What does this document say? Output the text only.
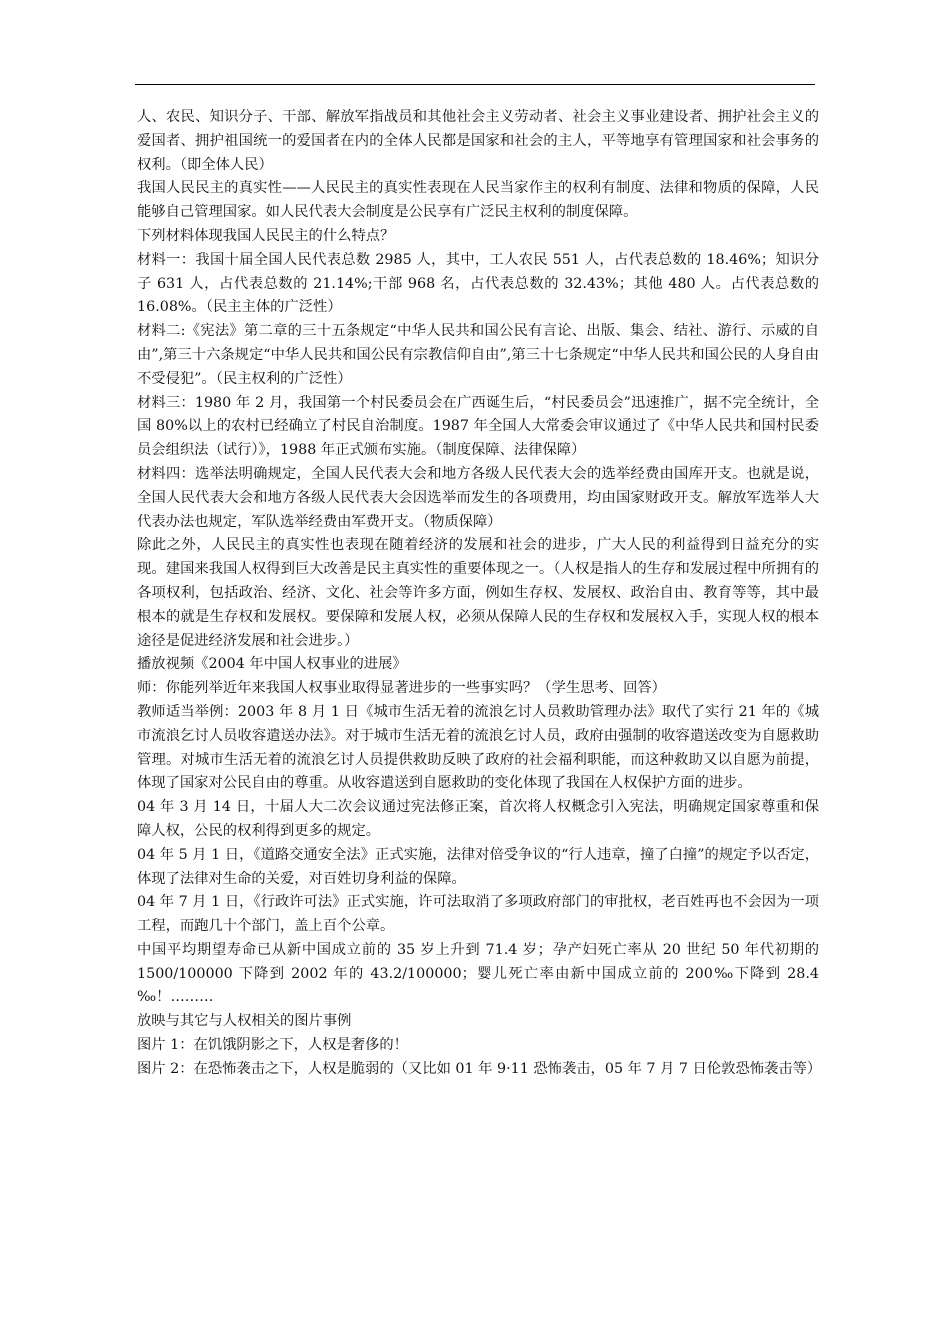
人、农民、知识分子、干部、解放军指战员和其他社会主义劳动者、社会主义事业建设者、拥护社会主义的爱国者、拥护祖国统一的爱国者在内的全体人民都是国家和社会的主人，平等地享有管理国家和社会事务的权利。（即全体人民）

我国人民民主的真实性——人民民主的真实性表现在人民当家作主的权利有制度、法律和物质的保障，人民能够自己管理国家。如人民代表大会制度是公民享有广泛民主权利的制度保障。

下列材料体现我国人民民主的什么特点？

材料一：我国十届全国人民代表总数 2985 人，其中，工人农民 551 人，占代表总数的 18.46%；知识分子 631 人，占代表总数的 21.14%;干部 968 名，占代表总数的 32.43%；其他 480 人。占代表总数的 16.08%。（民主主体的广泛性）

材料二:《宪法》第二章的三十五条规定“中华人民共和国公民有言论、出版、集会、结社、游行、示威的自由”,第三十六条规定“中华人民共和国公民有宗教信仰自由”,第三十七条规定“中华人民共和国公民的人身自由不受侵犯”。（民主权利的广泛性）

材料三：1980 年 2 月，我国第一个村民委员会在广西诞生后，“村民委员会”迅速推广，据不完全统计，全国 80%以上的农村已经确立了村民自治制度。1987 年全国人大常委会审议通过了《中华人民共和国村民委员会组织法（试行）》，1988 年正式颁布实施。（制度保障、法律保障）

材料四：选举法明确规定，全国人民代表大会和地方各级人民代表大会的选举经费由国库开支。也就是说，全国人民代表大会和地方各级人民代表大会因选举而发生的各项费用，均由国家财政开支。解放军选举人大代表办法也规定，军队选举经费由军费开支。（物质保障）

除此之外，人民民主的真实性也表现在随着经济的发展和社会的进步，广大人民的利益得到日益充分的实现。建国来我国人权得到巨大改善是民主真实性的重要体现之一。（人权是指人的生存和发展过程中所拥有的各项权利，包括政治、经济、文化、社会等许多方面，例如生存权、发展权、政治自由、教育等等，其中最根本的就是生存权和发展权。要保障和发展人权，必须从保障人民的生存权和发展权入手，实现人权的根本途径是促进经济发展和社会进步。）

播放视频《2004 年中国人权事业的进展》

师：你能列举近年来我国人权事业取得显著进步的一些事实吗？（学生思考、回答）

教师适当举例：2003 年 8 月 1 日《城市生活无着的流浪乞讨人员救助管理办法》取代了实行 21 年的《城市流浪乞讨人员收容遣送办法》。对于城市生活无着的流浪乞讨人员，政府由强制的收容遣送改变为自愿救助管理。对城市生活无着的流浪乞讨人员提供救助反映了政府的社会福利职能，而这种救助又以自愿为前提，体现了国家对公民自由的尊重。从收容遣送到自愿救助的变化体现了我国在人权保护方面的进步。

04 年 3 月 14 日，十届人大二次会议通过宪法修正案，首次将人权概念引入宪法，明确规定国家尊重和保障人权，公民的权利得到更多的规定。

04 年 5 月 1 日，《道路交通安全法》正式实施，法律对倍受争议的“行人违章，撞了白撞”的规定予以否定，体现了法律对生命的关爱，对百姓切身利益的保障。

04 年 7 月 1 日，《行政许可法》正式实施，许可法取消了多项政府部门的审批权，老百姓再也不会因为一项工程，而跑几十个部门，盖上百个公章。

中国平均期望寿命已从新中国成立前的 35 岁上升到 71.4 岁；孕产妇死亡率从 20 世纪 50 年代初期的 1500/100000 下降到 2002 年的 43.2/100000；婴儿死亡率由新中国成立前的 200‰下降到 28.4 ‰！………

放映与其它与人权相关的图片事例

图片 1：在饥饿阴影之下，人权是奢侈的！

图片 2：在恐怖袭击之下，人权是脆弱的（又比如 01 年 9·11 恐怖袭击，05 年 7 月 7 日伦敦恐怖袭击等）
